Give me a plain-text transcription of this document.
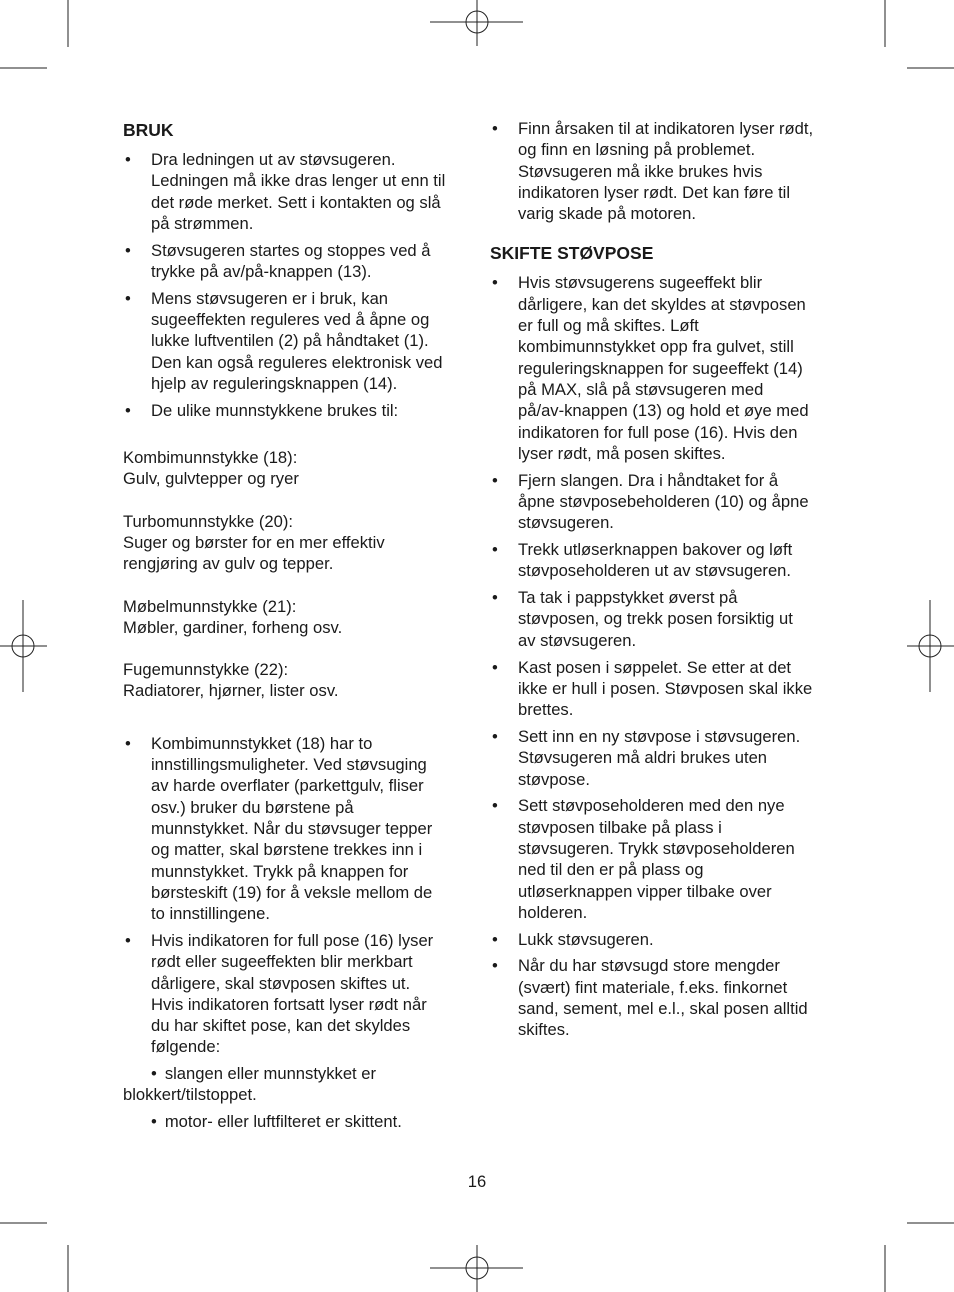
BRUK
• Dra ledningen ut av støvsugeren.
Ledningen må ikke dras lenger ut enn til
det røde merket. Sett i kontakten og slå
på strømmen.
• Støvsugeren startes og stoppes ved å
trykke på av/på-knappen (13).
• Mens støvsugeren er i bruk, kan
sugeeffekten reguleres ved å åpne og
lukke luftventilen (2) på håndtaket (1).
Den kan også reguleres elektronisk ved
hjelp av reguleringsknappen (14).
• De ulike munnstykkene brukes til:

Kombimunnstykke (18):

Gulv, gulvtepper og ryer

Turbomunnstykke (20):

Suger og børster for en mer effektiv

rengjøring av gulv og tepper.

Møbelmunnstykke (21):

Møbler, gardiner, forheng osv.

Fugemunnstykke (22):

Radiatorer, hjørner, lister osv.

• Kombimunnstykket (18) har to
innstillingsmuligheter. Ved støvsuging
av harde overflater (parkettgulv, fliser
osv.) bruker du børstene på
munnstykket. Når du støvsuger tepper
og matter, skal børstene trekkes inn i
munnstykket. Trykk på knappen for
børsteskift (19) for å veksle mellom de
to innstillingene.
• Hvis indikatoren for full pose (16) lyser
rødt eller sugeeffekten blir merkbart
dårligere, skal støvposen skiftes ut.
Hvis indikatoren fortsatt lyser rødt når
du har skiftet pose, kan det skyldes
følgende:

• slangen eller munnstykket er
blokkert/tilstoppet.

• motor- eller luftfilteret er skittent.

• Finn årsaken til at indikatoren lyser rødt,
og finn en løsning på problemet.
Støvsugeren må ikke brukes hvis
indikatoren lyser rødt. Det kan føre til
varig skade på motoren.
SKIFTE STØVPOSE
• Hvis støvsugerens sugeeffekt blir
dårligere, kan det skyldes at støvposen
er full og må skiftes. Løft
kombimunnstykket opp fra gulvet, still
reguleringsknappen for sugeeffekt (14)
på MAX, slå på støvsugeren med
på/av-knappen (13) og hold et øye med
indikatoren for full pose (16). Hvis den
lyser rødt, må posen skiftes.
• Fjern slangen. Dra i håndtaket for å
åpne støvposebeholderen (10) og åpne
støvsugeren.
• Trekk utløserknappen bakover og løft
støvposeholderen ut av støvsugeren.
• Ta tak i pappstykket øverst på
støvposen, og trekk posen forsiktig ut
av støvsugeren.
• Kast posen i søppelet. Se etter at det
ikke er hull i posen. Støvposen skal ikke
brettes.
• Sett inn en ny støvpose i støvsugeren.
Støvsugeren må aldri brukes uten
støvpose.
• Sett støvposeholderen med den nye
støvposen tilbake på plass i
støvsugeren. Trykk støvposeholderen
ned til den er på plass og
utløserknappen vipper tilbake over
holderen.
• Lukk støvsugeren.
• Når du har støvsugd store mengder
(svært) fint materiale, f.eks. finkornet
sand, sement, mel e.l., skal posen alltid
skiftes.
16
